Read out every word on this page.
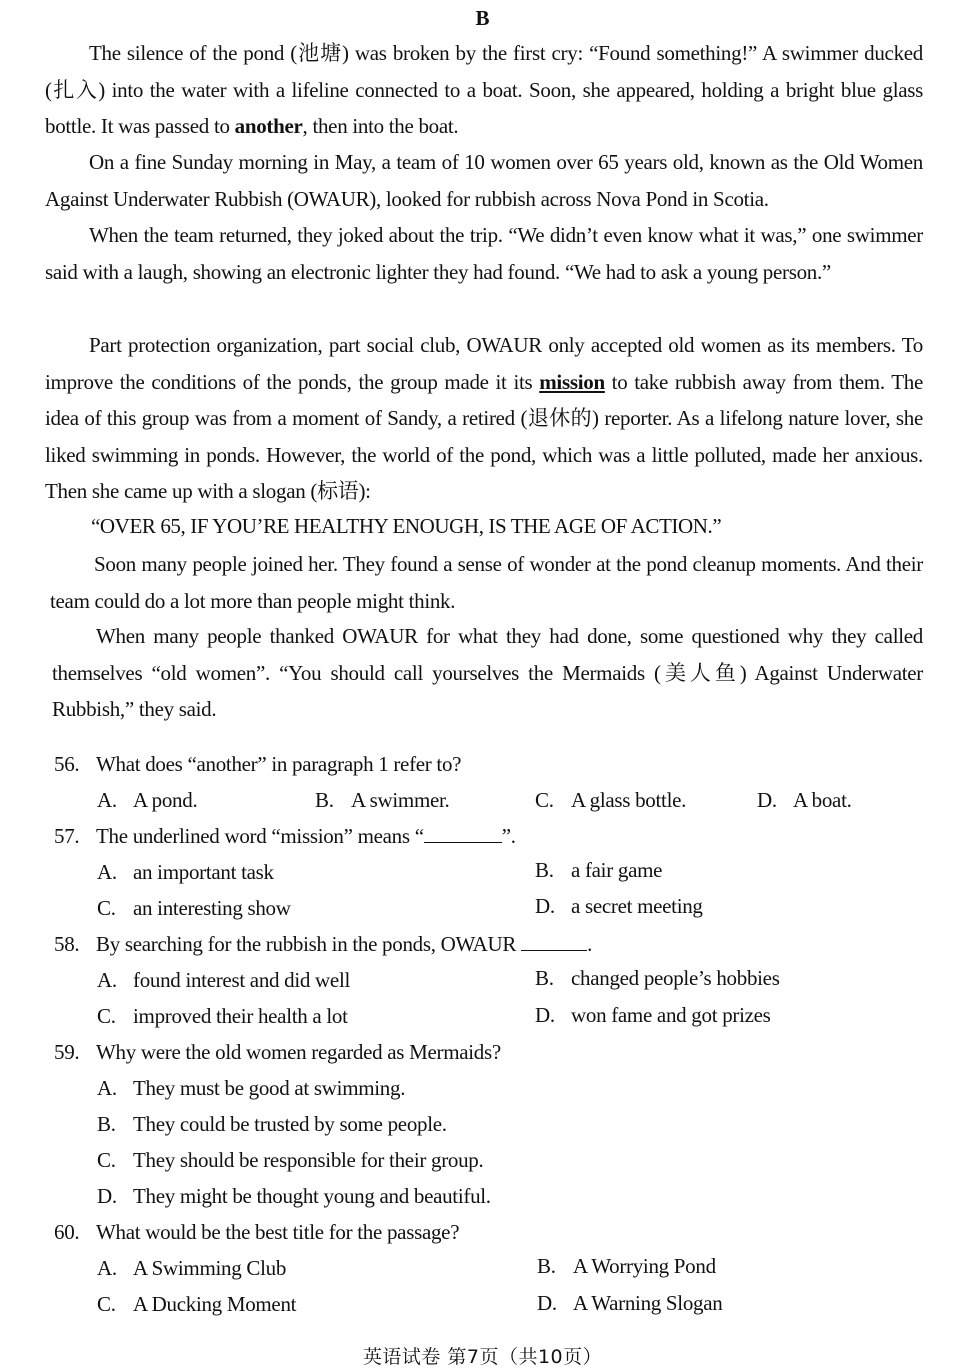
B
The silence of the pond (池塘) was broken by the first cry: “Found something!” A swimmer ducked (扎入) into the water with a lifeline connected to a boat. Soon, she appeared, holding a bright blue glass bottle. It was passed to another, then into the boat.
On a fine Sunday morning in May, a team of 10 women over 65 years old, known as the Old Women Against Underwater Rubbish (OWAUR), looked for rubbish across Nova Pond in Scotia.
When the team returned, they joked about the trip. “We didn’t even know what it was,” one swimmer said with a laugh, showing an electronic lighter they had found. “We had to ask a young person.”
Part protection organization, part social club, OWAUR only accepted old women as its members. To improve the conditions of the ponds, the group made it its mission to take rubbish away from them. The idea of this group was from a moment of Sandy, a retired (退休的) reporter. As a lifelong nature lover, she liked swimming in ponds. However, the world of the pond, which was a little polluted, made her anxious. Then she came up with a slogan (标语):
“OVER 65, IF YOU’RE HEALTHY ENOUGH, IS THE AGE OF ACTION.”
Soon many people joined her. They found a sense of wonder at the pond cleanup moments. And their team could do a lot more than people might think.
When many people thanked OWAUR for what they had done, some questioned why they called themselves “old women”. “You should call yourselves the Mermaids (美人鱼) Against Underwater Rubbish,” they said.
56. What does “another” in paragraph 1 refer to?
A. A pond.	B. A swimmer.	C. A glass bottle.	D. A boat.
57. The underlined word “mission” means “	”.
A. an important task	B. a fair game
C. an interesting show	D. a secret meeting
58. By searching for the rubbish in the ponds, OWAUR	.
A. found interest and did well	B. changed people’s hobbies
C. improved their health a lot	D. won fame and got prizes
59. Why were the old women regarded as Mermaids?
A. They must be good at swimming.
B. They could be trusted by some people.
C. They should be responsible for their group.
D. They might be thought young and beautiful.
60. What would be the best title for the passage?
A. A Swimming Club	B. A Worrying Pond
C. A Ducking Moment	D. A Warning Slogan
英语试卷 第7页（共10页）
